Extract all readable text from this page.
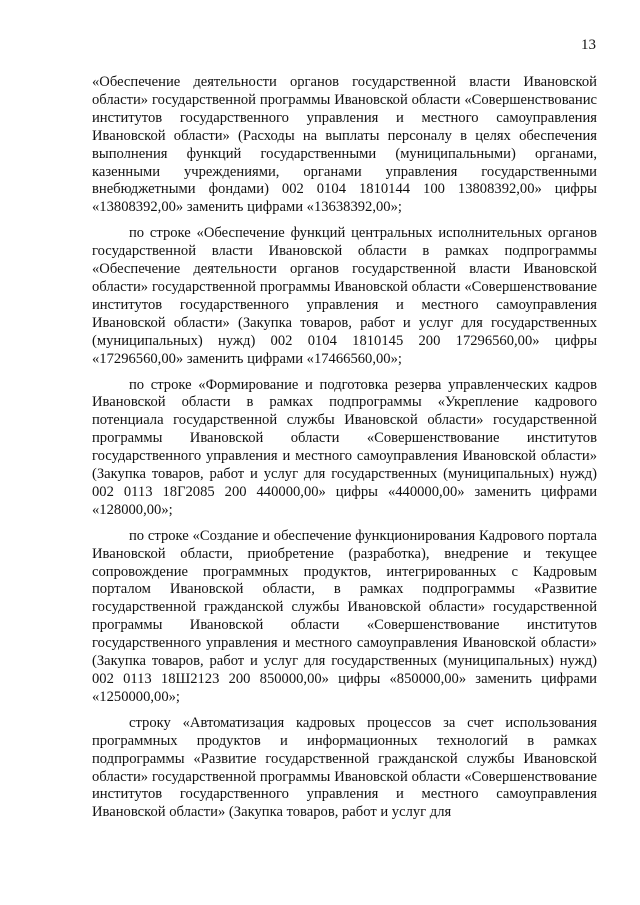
13

«Обеспечение деятельности органов государственной власти Ивановской области» государственной программы Ивановской области «Совершенствованис институтов государственного управления и местного самоуправления Ивановской области» (Расходы на выплаты персоналу в целях обеспечения выполнения функций государственными (муниципальными) органами, казенными учреждениями, органами управления государственными внебюджетными фондами) 002 0104 1810144 100 13808392,00» цифры «13808392,00» заменить цифрами «13638392,00»;

по строке «Обеспечение функций центральных исполнительных органов государственной власти Ивановской области в рамках подпрограммы «Обеспечение деятельности органов государственной власти Ивановской области» государственной программы Ивановской области «Совершенствование институтов государственного управления и местного самоуправления Ивановской области» (Закупка товаров, работ и услуг для государственных (муниципальных) нужд) 002 0104 1810145 200 17296560,00» цифры «17296560,00» заменить цифрами «17466560,00»;

по строке «Формирование и подготовка резерва управленческих кадров Ивановской области в рамках подпрограммы «Укрепление кадрового потенциала государственной службы Ивановской области» государственной программы Ивановской области «Совершенствование институтов государственного управления и местного самоуправления Ивановской области» (Закупка товаров, работ и услуг для государственных (муниципальных) нужд) 002 0113 18Г2085 200 440000,00» цифры «440000,00» заменить цифрами «128000,00»;

по строке «Создание и обеспечение функционирования Кадрового портала Ивановской области, приобретение (разработка), внедрение и текущее сопровождение программных продуктов, интегрированных с Кадровым порталом Ивановской области, в рамках подпрограммы «Развитие государственной гражданской службы Ивановской области» государственной программы Ивановской области «Совершенствование институтов государственного управления и местного самоуправления Ивановской области» (Закупка товаров, работ и услуг для государственных (муниципальных) нужд) 002 0113 18Ш2123 200 850000,00» цифры «850000,00» заменить цифрами «1250000,00»;

строку «Автоматизация кадровых процессов за счет использования программных продуктов и информационных технологий в рамках подпрограммы «Развитие государственной гражданской службы Ивановской области» государственной программы Ивановской области «Совершенствование институтов государственного управления и местного самоуправления Ивановской области» (Закупка товаров, работ и услуг для
